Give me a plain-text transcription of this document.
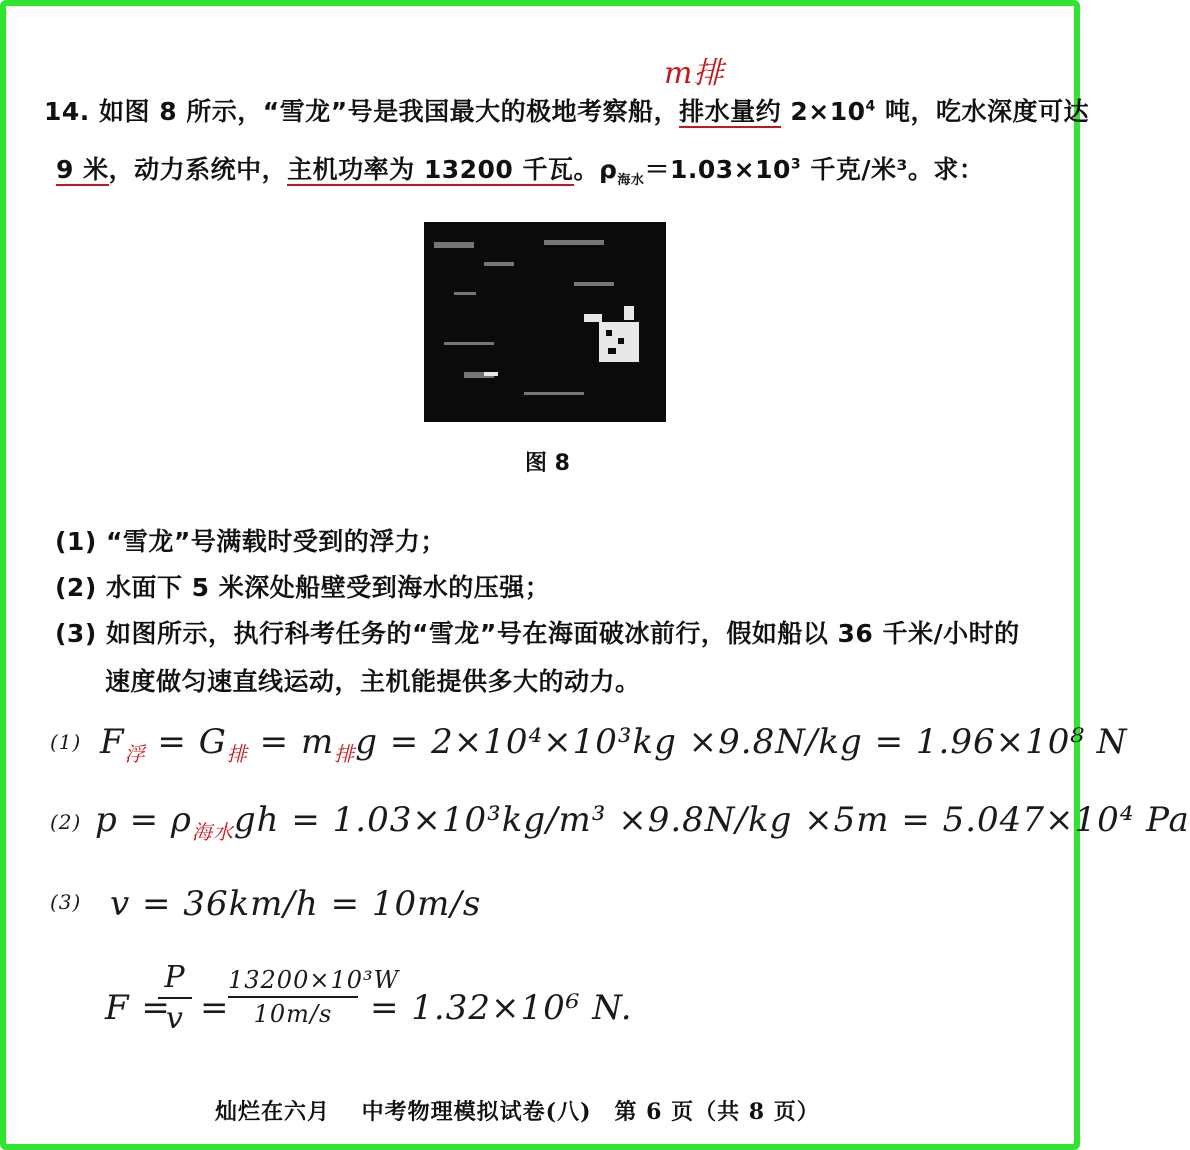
14. 如图 8 所示，“雪龙”号是我国最大的极地考察船，排水量约 $2\times 10^4$ 吨，吃水深度可达
m排
9 米，动力系统中，主机功率为 13200 千瓦。$\rho_{海水}=1.03\times 10^3$ 千克/米³。求：
图 8
(1) “雪龙”号满载时受到的浮力；
(2) 水面下 5 米深处船壁受到海水的压强；
(3) 如图所示，执行科考任务的“雪龙”号在海面破冰前行，假如船以 36 千米/小时的
速度做匀速直线运动，主机能提供多大的动力。
(1) $F_浮 = G_排 = m_排g = 2\times 10^4\times 10^3kg \times 9.8N/kg = 1.96\times 10^8$ N
(2) $p = \rho_{海水}gh = 1.03\times 10^3kg/m^3 \times 9.8N/kg \times 5m = 5.047\times 10^4$ Pa
(3) v = 36km/h = 10m/s
F =
P
v =
13200×10³W
10m/s	= 1.32×10⁶ N.
灿烂在六月　 中考物理模拟试卷(八)　第 6 页（共 8 页）
